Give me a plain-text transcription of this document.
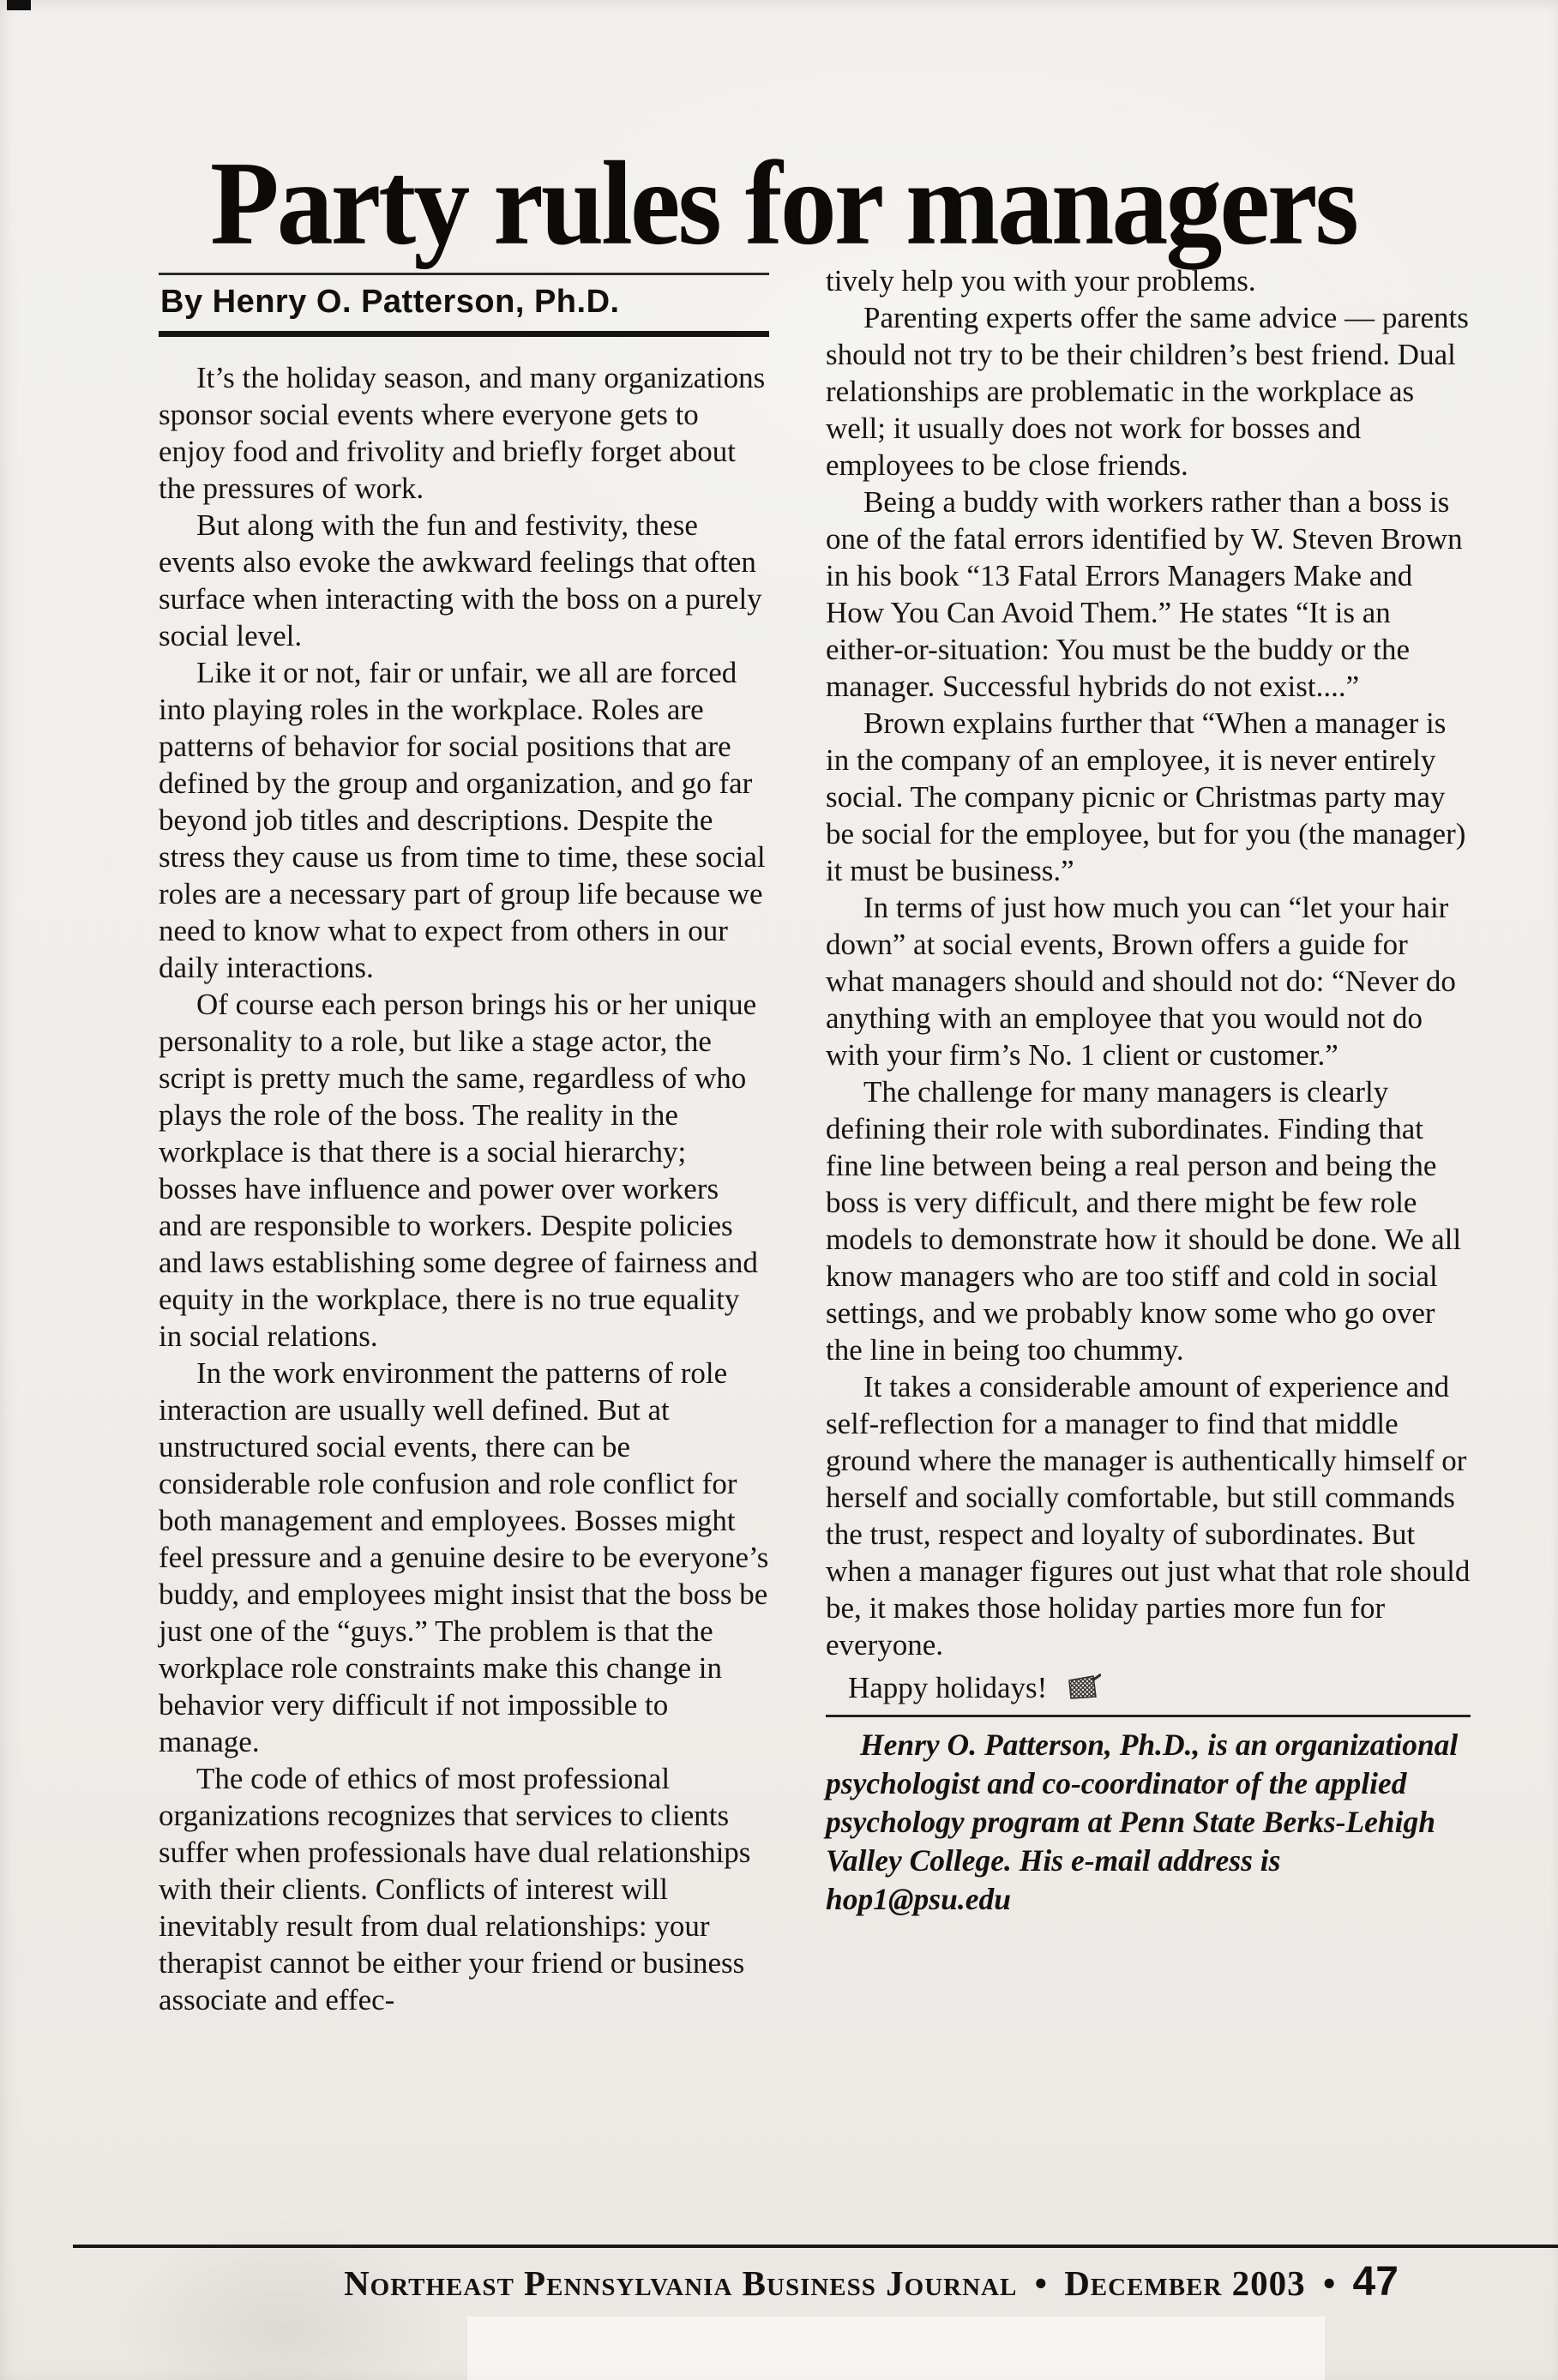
Party rules for managers
By Henry O. Patterson, Ph.D.

It’s the holiday season, and many organizations sponsor social events where everyone gets to enjoy food and frivolity and briefly forget about the pressures of work.

But along with the fun and festivity, these events also evoke the awkward feelings that often surface when interacting with the boss on a purely social level.

Like it or not, fair or unfair, we all are forced into playing roles in the workplace. Roles are patterns of behavior for social positions that are defined by the group and organization, and go far beyond job titles and descriptions. Despite the stress they cause us from time to time, these social roles are a necessary part of group life because we need to know what to expect from others in our daily interactions.

Of course each person brings his or her unique personality to a role, but like a stage actor, the script is pretty much the same, regardless of who plays the role of the boss. The reality in the workplace is that there is a social hierarchy; bosses have influence and power over workers and are responsible to workers. Despite policies and laws establishing some degree of fairness and equity in the workplace, there is no true equality in social relations.

In the work environment the patterns of role interaction are usually well defined. But at unstructured social events, there can be considerable role confusion and role conflict for both management and employees. Bosses might feel pressure and a genuine desire to be everyone’s buddy, and employees might insist that the boss be just one of the “guys.” The problem is that the workplace role constraints make this change in behavior very difficult if not impossible to manage.

The code of ethics of most professional organizations recognizes that services to clients suffer when professionals have dual relationships with their clients. Conflicts of interest will inevitably result from dual relationships: your therapist cannot be either your friend or business associate and effec-

tively help you with your problems.

Parenting experts offer the same advice — parents should not try to be their children’s best friend. Dual relationships are problematic in the workplace as well; it usually does not work for bosses and employees to be close friends.

Being a buddy with workers rather than a boss is one of the fatal errors identified by W. Steven Brown in his book “13 Fatal Errors Managers Make and How You Can Avoid Them.” He states “It is an either-or-situation: You must be the buddy or the manager. Successful hybrids do not exist....”

Brown explains further that “When a manager is in the company of an employee, it is never entirely social. The company picnic or Christmas party may be social for the employee, but for you (the manager) it must be business.”

In terms of just how much you can “let your hair down” at social events, Brown offers a guide for what managers should and should not do: “Never do anything with an employee that you would not do with your firm’s No. 1 client or customer.”

The challenge for many managers is clearly defining their role with subordinates. Finding that fine line between being a real person and being the boss is very difficult, and there might be few role models to demonstrate how it should be done. We all know managers who are too stiff and cold in social settings, and we probably know some who go over the line in being too chummy.

It takes a considerable amount of experience and self-reflection for a manager to find that middle ground where the manager is authentically himself or herself and socially comfortable, but still commands the trust, respect and loyalty of subordinates. But when a manager figures out just what that role should be, it makes those holiday parties more fun for everyone.

Happy holidays!

Henry O. Patterson, Ph.D., is an organizational psychologist and co-coordinator of the applied psychology program at Penn State Berks-Lehigh Valley College. His e-mail address is hop1@psu.edu

Northeast Pennsylvania Business Journal • December 2003 • 47
